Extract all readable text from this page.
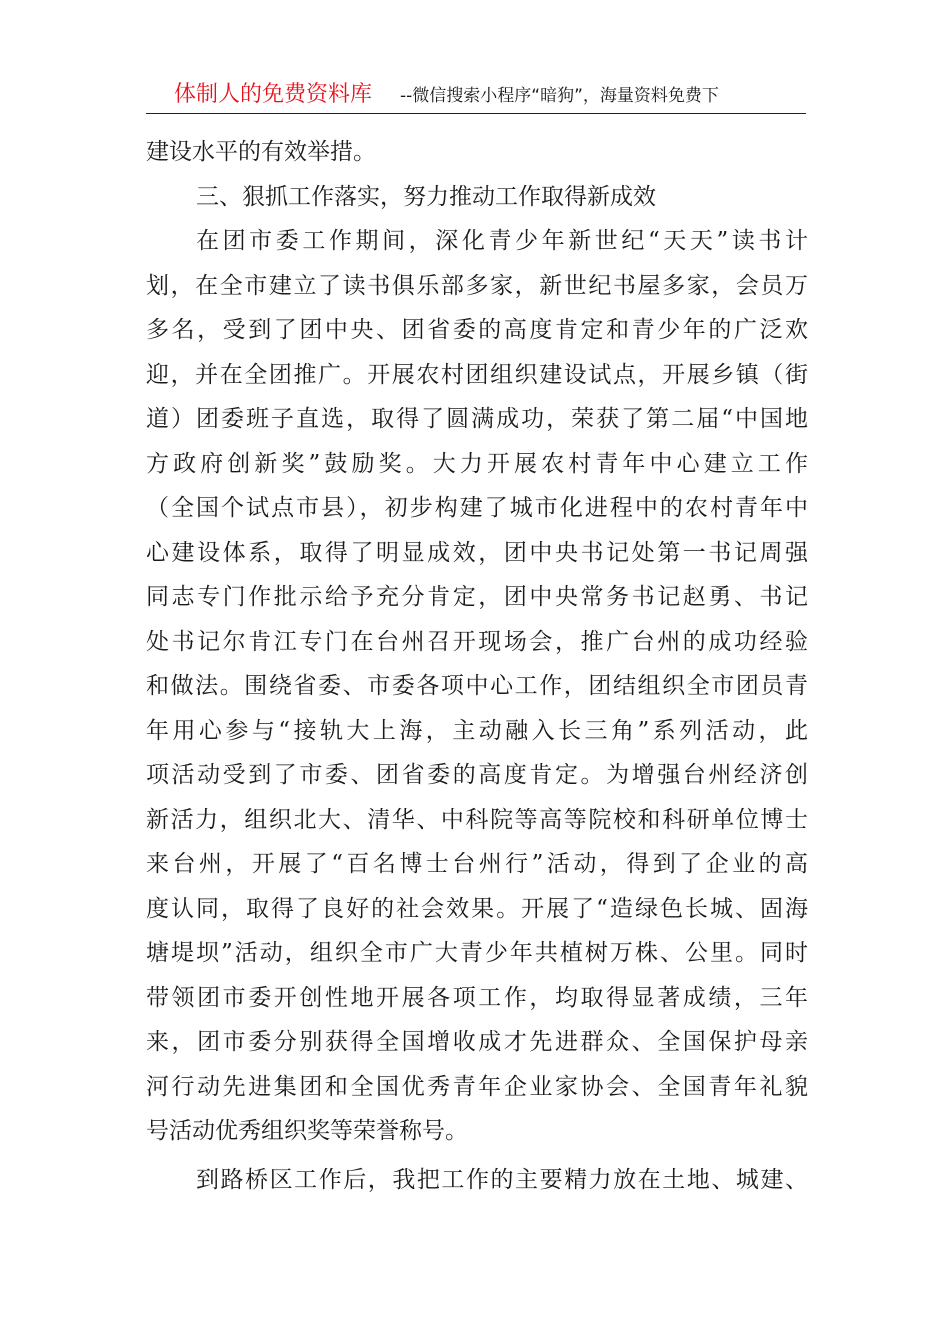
体制人的免费资料库 --微信搜索小程序“暗狗”，海量资料免费下
建设水平的有效举措。
三、狠抓工作落实，努力推动工作取得新成效
在团市委工作期间，深化青少年新世纪“天天”读书计
划，在全市建立了读书俱乐部多家，新世纪书屋多家，会员万
多名，受到了团中央、团省委的高度肯定和青少年的广泛欢
迎，并在全团推广。开展农村团组织建设试点，开展乡镇（街
道）团委班子直选，取得了圆满成功，荣获了第二届“中国地
方政府创新奖”鼓励奖。大力开展农村青年中心建立工作
（全国个试点市县），初步构建了城市化进程中的农村青年中
心建设体系，取得了明显成效，团中央书记处第一书记周强
同志专门作批示给予充分肯定，团中央常务书记赵勇、书记
处书记尔肯江专门在台州召开现场会，推广台州的成功经验
和做法。围绕省委、市委各项中心工作，团结组织全市团员青
年用心参与“接轨大上海，主动融入长三角”系列活动，此
项活动受到了市委、团省委的高度肯定。为增强台州经济创
新活力，组织北大、清华、中科院等高等院校和科研单位博士
来台州，开展了“百名博士台州行”活动，得到了企业的高
度认同，取得了良好的社会效果。开展了“造绿色长城、固海
塘堤坝”活动，组织全市广大青少年共植树万株、公里。同时
带领团市委开创性地开展各项工作，均取得显著成绩，三年
来，团市委分别获得全国增收成才先进群众、全国保护母亲
河行动先进集团和全国优秀青年企业家协会、全国青年礼貌
号活动优秀组织奖等荣誉称号。
到路桥区工作后，我把工作的主要精力放在土地、城建、
